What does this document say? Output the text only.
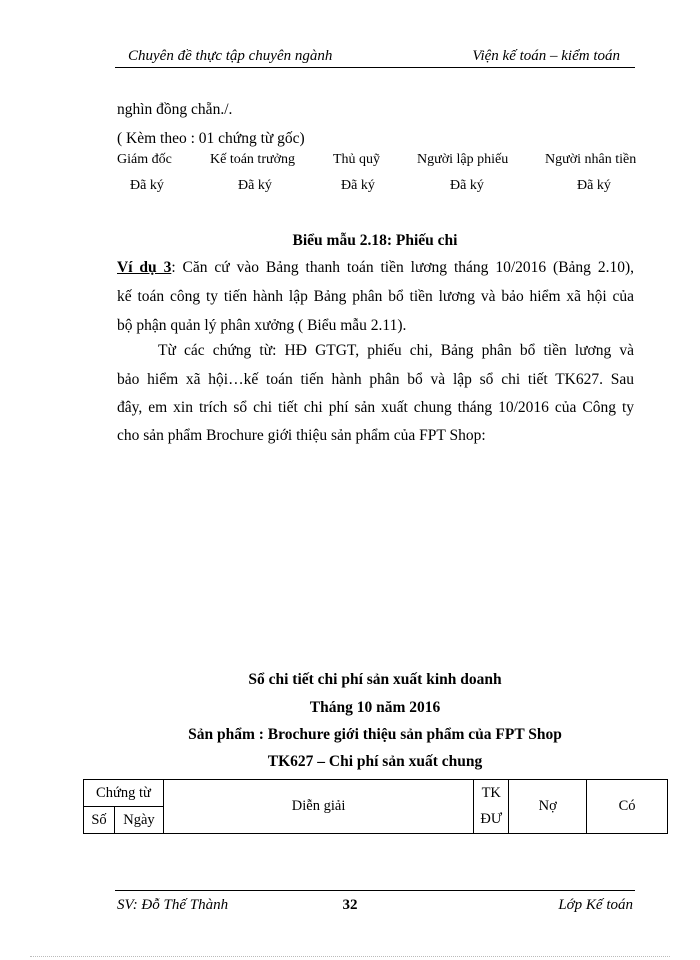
Chuyên đề thực tập chuyên ngành	Viện kế toán – kiểm toán
nghìn đồng chẵn./.
( Kèm theo : 01 chứng từ gốc)
Giám đốc	Kế toán trưởng	Thủ quỹ	Người lập phiếu	Người nhân tiền
Đã ký	Đã ký	Đã ký	Đã ký	Đã ký
Biểu mẫu 2.18: Phiếu chi
Ví dụ 3: Căn cứ vào Bảng thanh toán tiền lương tháng 10/2016 (Bảng 2.10),
kế toán công ty tiến hành lập Bảng phân bổ tiền lương và bảo hiểm xã hội của
bộ phận quản lý phân xưởng ( Biểu mẫu 2.11).
Từ các chứng từ: HĐ GTGT, phiếu chi, Bảng phân bổ tiền lương và
bảo hiểm xã hội…kế toán tiến hành phân bổ và lập sổ chi tiết TK627. Sau
đây, em xin trích sổ chi tiết chi phí sản xuất chung tháng 10/2016 của Công ty
cho sản phẩm Brochure giới thiệu sản phẩm của FPT Shop:
Sổ chi tiết chi phí sản xuất kinh doanh
Tháng 10 năm 2016
Sản phẩm : Brochure giới thiệu sản phẩm của FPT Shop
TK627 – Chi phí sản xuất chung
Chứng từ		Diễn giải	TK	Nợ	Có
Số	Ngày		ĐƯ		
SV: Đỗ Thế Thành	32	Lớp Kế toán
